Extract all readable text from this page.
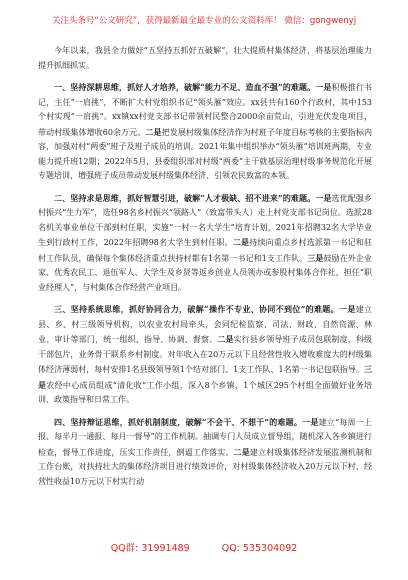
关注头条号“公文研究”，获得最新最全最专业的公文资料库！ 微信：gongwenyj

今年以来，我县全力做好“五坚持五抓好五破解”，壮大提质村集体经济，将基层治理能力提升抓细抓实。

一、坚持深耕思维，抓好人才培养，破解“能力不足、造血不强”的难题。一是积极推行书记，主任“一肩挑”，不断扩大村党组织书记“领头雁”效应。xx县共有160个行政村，其中153个村实现“一肩挑”。xx镇xx村党支部书记带领村民整合2000余亩荒山，引进光伏发电项目，带动村级集体增收60余万元。二是把发展村级集体经济作为村班子年度目标考核的主要指标内容，加强对村“两委”班子及班子成员的培训。2021年集中组织举办“领头雁”培训班两期，专业能力提升班12期；2022年5月，县委组织部对村级“两委”主干就基层治理村级事务规范化开展专题培训，增强班子成员带动发展村级集体经济、引领农民致富的本领。

二、坚持求是思维，抓好智慧引进，破解“人才极缺、招不进来”的难题。一是选优配强乡村振兴“生力军”，选任98名乡村振兴“领路人”（致富带头人）走上村党支部书记岗位。选派28名机关事业单位干部到村任职，实施“一村一名大学生”培育计划，2021年招聘32名大学毕业生到行政村工作，2022年招聘98名大学生到村任职。二是持续向重点乡村选派第一书记和驻村工作队员，确保每个集体经济重点扶持村都有1名第一书记和1支工作队。三是鼓励在外企业家、优秀农民工、退伍军人、大学生及乡贤等返乡创业人员领办或参股村集体合作社，担任“职业经理人”，与村集体合作经营产业项目。

三、坚持系统思维，抓好协同合力，破解“操作不专业、协同不到位”的难题。一是建立县、乡、村三级领导机构，以农业农村局牵头，会同纪检监察、司法、财政、自然资源、林业、审计等部门，统一组织、指导、协调、督察。二是实行县乡领导班子成员包联制度，科级干部包片，业务骨干联系乡村制度。对年收入在20万元以下且经营性收入增收难度大的村级集体经济薄弱村，每村安排1名县级领导领1个结对部门、1支工作队、1名第一书记包联指导。三是农经中心成员组成“清化收”工作小组，深入8个乡镇，1个城区295个村组全面做好业务培训、政策指导和日常工作。

四、坚持辩证思维，抓好机制制度，破解“不会干、不想干”的难题。一是建立“每周一上报、每半月一通报、每月一督导”的工作机制。抽调专门人员成立督导组，随机深入各乡镇进行检查，督导工作进度，压实工作责任，倒逼工作落实。二是建立村级集体经济发展监测机制和工作台账，对扶持壮大的集体经济项目进行绩效评价，对村级集体经济收入20万元以下村、经营性收益10万元以下村实行动

QQ群: 31991489	QQ: 535304092
